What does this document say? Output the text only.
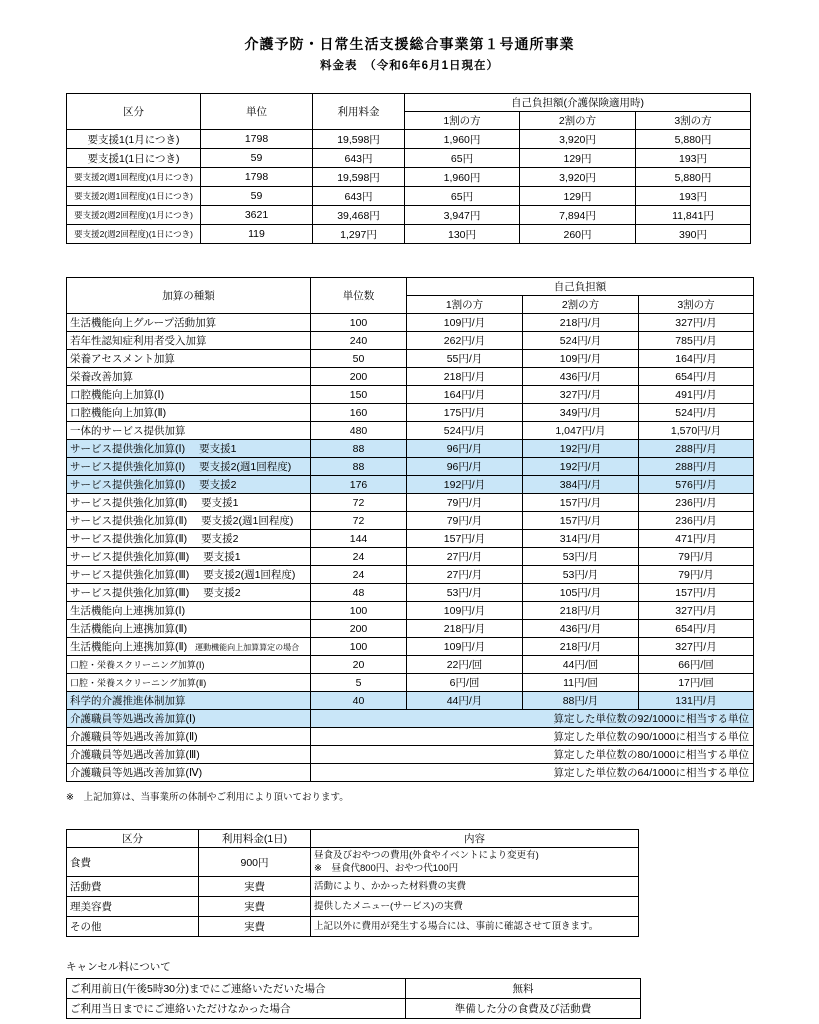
介護予防・日常生活支援総合事業第１号通所事業
料金表　（令和6年6月1日現在）
区分	単位	利用料金	自己負担額(介護保険適用時)		
			1割の方	2割の方	3割の方
要支援1(1月につき)	1798	19,598円	1,960円	3,920円	5,880円
要支援1(1日につき)	59	643円	65円	129円	193円
要支援2(週1回程度)(1月につき)	1798	19,598円	1,960円	3,920円	5,880円
要支援2(週1回程度)(1日につき)	59	643円	65円	129円	193円
要支援2(週2回程度)(1月につき)	3621	39,468円	3,947円	7,894円	11,841円
要支援2(週2回程度)(1日につき)	119	1,297円	130円	260円	390円
加算の種類	単位数	自己負担額		
		1割の方	2割の方	3割の方
生活機能向上グループ活動加算	100	109円/月	218円/月	327円/月
若年性認知症利用者受入加算	240	262円/月	524円/月	785円/月
栄養アセスメント加算	50	55円/月	109円/月	164円/月
栄養改善加算	200	218円/月	436円/月	654円/月
口腔機能向上加算(Ⅰ)	150	164円/月	327円/月	491円/月
口腔機能向上加算(Ⅱ)	160	175円/月	349円/月	524円/月
一体的サービス提供加算	480	524円/月	1,047円/月	1,570円/月
サービス提供強化加算(Ⅰ) 要支援1	88	96円/月	192円/月	288円/月
サービス提供強化加算(Ⅰ) 要支援2(週1回程度)	88	96円/月	192円/月	288円/月
サービス提供強化加算(Ⅰ) 要支援2	176	192円/月	384円/月	576円/月
サービス提供強化加算(Ⅱ) 要支援1	72	79円/月	157円/月	236円/月
サービス提供強化加算(Ⅱ) 要支援2(週1回程度)	72	79円/月	157円/月	236円/月
サービス提供強化加算(Ⅱ) 要支援2	144	157円/月	314円/月	471円/月
サービス提供強化加算(Ⅲ) 要支援1	24	27円/月	53円/月	79円/月
サービス提供強化加算(Ⅲ) 要支援2(週1回程度)	24	27円/月	53円/月	79円/月
サービス提供強化加算(Ⅲ) 要支援2	48	53円/月	105円/月	157円/月
生活機能向上連携加算(Ⅰ)	100	109円/月	218円/月	327円/月
生活機能向上連携加算(Ⅱ)	200	218円/月	436円/月	654円/月
生活機能向上連携加算(Ⅱ) 運動機能向上加算算定の場合	100	109円/月	218円/月	327円/月
口腔・栄養スクリーニング加算(Ⅰ)	20	22円/回	44円/回	66円/回
口腔・栄養スクリーニング加算(Ⅱ)	5	6円/回	11円/回	17円/回
科学的介護推進体制加算	40	44円/月	88円/月	131円/月
介護職員等処遇改善加算(Ⅰ)	算定した単位数の92/1000に相当する単位			
介護職員等処遇改善加算(Ⅱ)	算定した単位数の90/1000に相当する単位			
介護職員等処遇改善加算(Ⅲ)	算定した単位数の80/1000に相当する単位			
介護職員等処遇改善加算(Ⅳ)	算定した単位数の64/1000に相当する単位			
※　上記加算は、当事業所の体制やご利用により頂いております。
区分	利用料金(1日)	内容
食費	900円	昼食及びおやつの費用(外食やイベントにより変更有)
※　昼食代800円、おやつ代100円

活動費	実費	活動により、かかった材料費の実費

理美容費	実費	提供したメニュー(サービス)の実費

その他	実費	上記以外に費用が発生する場合には、事前に確認させて頂きます。
キャンセル料について
ご利用前日(午後5時30分)までにご連絡いただいた場合	無料
ご利用当日までにご連絡いただけなかった場合	準備した分の食費及び活動費
